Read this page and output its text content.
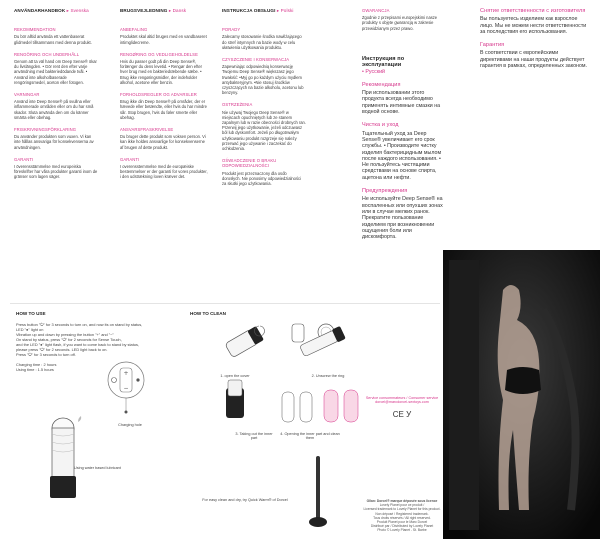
ANVÄNDARHANDBOK ▸ Svenska
REKOMMENDATION

Du bör alltid använda ett vattenbaserat glidmedel tillsammans med denna produkt.

RENGÖRING OCH UNDERHÅLL

Genom att ta väl hand om Deep Sense® ökar du livslängden. • Gör rent den efter varje användning med bakteriedödande tvål. • Använd inte alkoholbaserade rengöringsmedel, aceton eller fotogen.

VARNINGAR

Använd inte Deep Sense® på svullna eller inflammerade områden eller om du har små skador. Sluta använda den om du känner smärta eller obehag.

FRISKRIVNINGSFÖRKLARING

Du använder produkten som vuxen. Vi kan inte hållas ansvariga för konsekvenserna av användningen.

GARANTI

I överensstämmelse med europeiska föreskrifter har våra produkter garanti inom de gränser som lagen säger.

BRUGSVEJLEDNING ▸ Dansk
ANBEFALING

Produktet skal altid bruges med en vandbaseret intimglidecreme.

RENGØRING OG VEDLIGEHOLDELSE

Hvis du passer godt på din Deep Sense®, forlænger du dens levetid. • Rengør den efter hver brug med en bakteriedræbende sæbe. • Brug ikke rengøringsmidler, der indeholder alkohol, acetone eller benzin.

FORHOLDSREGLER OG ADVARSLER

Brug ikke din Deep Sense® på områder, der er hævede eller betændte, eller hvis du har mindre sår. Stop brugen, hvis du føler smerte eller ubehag.

ANSVARSFRASKRIVELSE

Du bruger dette produkt som voksen person. Vi kan ikke holdes ansvarlige for konsekvenserne af brugen af dette produkt.

GARANTI

I overensstemmelse med de europæiske bestemmelser er der garanti for vores produkter, i den udstrækning loven kræver det.

INSTRUKCJA OBSŁUGI ▸ Polski
PORADY

Zalecamy stosowanie środka nawilżającego do stref intymnych na bazie wody w celu ułatwienia użytkowania produktu.

CZYSZCZENIE I KONSERWACJA

Zapewniając odpowiednią konserwację Twojemu Deep Sense® większasz jego trwałość: •Myj go po każdym użyciu mydłem antybakteryjnym. •Nie stosuj środków czyszczących na bazie alkoholu, acetonu lub benzyny.

OSTRZEŻENIA

Nie używaj Twojego Deep Sense® w miejscach opuchniętych lub ze stanem zapalnym lub w razie obecności drobnych ran. Przerwij jego użytkowanie, jeżeli odczuwasz ból lub dyskomfort. Jeżeli po długotrwałym użytkowaniu produkt rozgrzeje się należy przerwać jego używanie i zaczekać do ochłodzenia.

OŚWIADCZENIE O BRAKU ODPOWIEDZIALNOŚCI

Produkt jest przeznaczony dla osób dorosłych. Nie ponosimy odpowiedzialności za skutki jego użytkowania.

GWARANCJA

Zgodnie z przepisami europejskimi nasze produkty s objęte gwarancją w zakresie przewidzianym przez prawo.

Инструкция по эксплуатации
• Русский
Рекомендация

При использовании этого продукта всегда необходимо применять интимные смазки на водной основе.

Чистка и уход

Тщательный уход за Deep Sense® увеличивает его срок службы. • Производите чистку изделия бактерицидным мылом после каждого использования. • Не пользуйтесь чистящими средствами на основе спирта, ацетона или нефти.

Предупреждения

Не используйте Deep Sense® на воспаленных или опухших зонах или в случае мелких ранок. Прекратите пользование изделием при возникновении ощущения боли или дискомфорта.

Снятие ответственности с изготовителя

Вы пользуетесь изделием как взрослое лицо. Мы не можем нести ответственности за последствия его использования.

Гарантия

В соответствии с европейскими директивами на наши продукты действует гарантия в рамках, определенных законом.

HOW TO USE
Press button "⏻" for 3 seconds to turn on, and now its on stand by status,
LED "●" light on
Vibration up and down by pressing the button "+" and "−"
On stand by status, press "⏻" for 2 seconds for Sense Touch,
and the LED "●" light flash, if you want to come back to stand by status,
please press "⏻" for 2 seconds. LED light back to on.
Press "⏻" for 3 seconds to turn off.
Charging time : 2 hours
Using time : 1.5 hours
+
−
Charging hole
Using water based lubricant
HOW TO CLEAN
1. open the cover	2. Unscrew the ring
3. Taking out the inner part
4. Opening the inner part and clean them
For easy clean and dry, try Quick Warm® of Dorcel
Service consommateurs / Consumer service
dorcel@marcdorcel-sextoys.com
CE У
Ollan: Dorcel® marque déposée sous licence
Lovely Planet pour ce produit /
Licensed trademark to Lovely Planet for this product.
Non déposé / Registered trademark.
Tous droits réservés / All right reserved.
Produit Planet pour le Marc Dorcel
Distribué par / Distributed by Lovely Planet
Photo © Lovely Planet - St. Barbe
